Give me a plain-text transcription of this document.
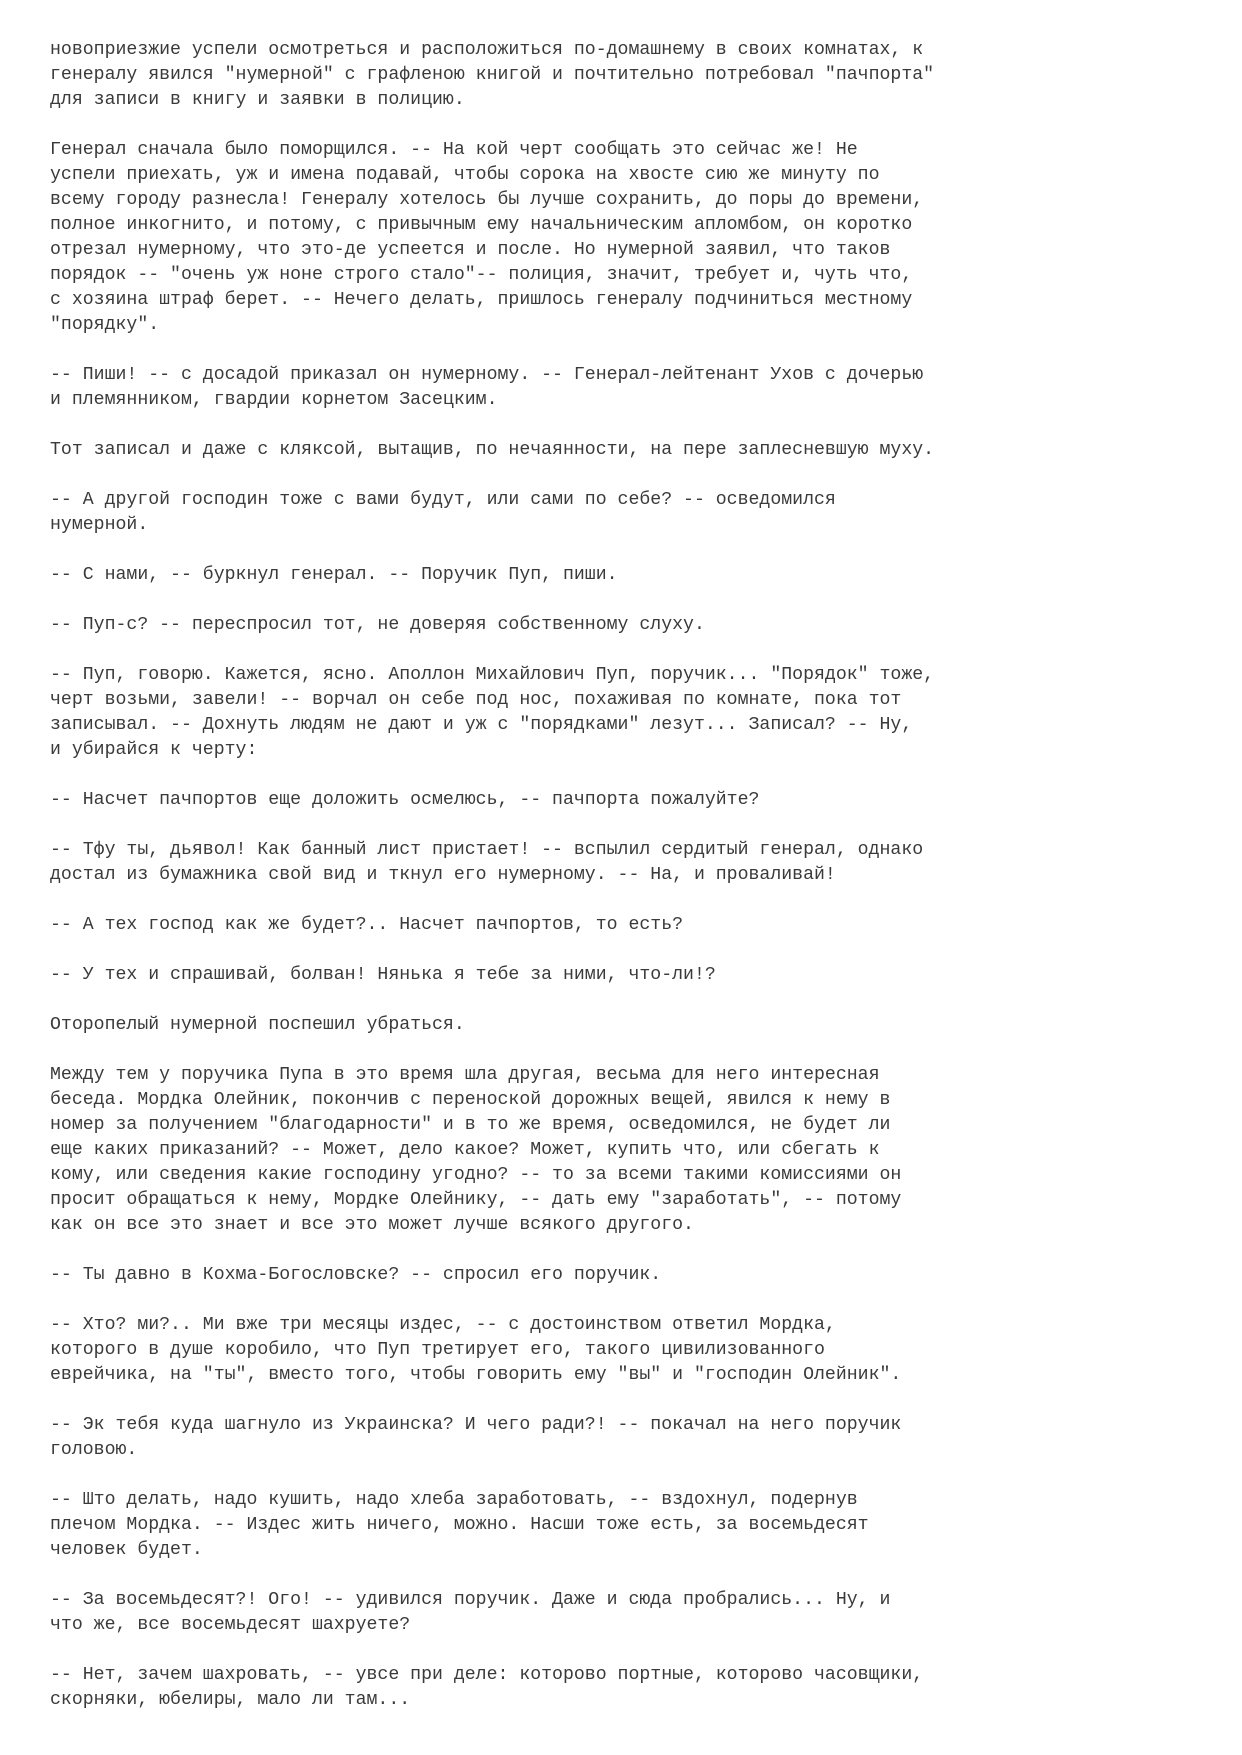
новоприезжие успели осмотреться и расположиться по-домашнему в своих комнатах, к
генералу явился "нумерной" с графленою книгой и почтительно потребовал "пачпорта"
для записи в книгу и заявки в полицию.

Генерал сначала было поморщился. -- На кой черт сообщать это сейчас же! Не
успели приехать, уж и имена подавай, чтобы сорока на хвосте сию же минуту по
всему городу разнесла! Генералу хотелось бы лучше сохранить, до поры до времени,
полное инкогнито, и потому, с привычным ему начальническим апломбом, он коротко
отрезал нумерному, что это-де успеется и после. Но нумерной заявил, что таков
порядок -- "очень уж ноне строго стало"-- полиция, значит, требует и, чуть что,
с хозяина штраф берет. -- Нечего делать, пришлось генералу подчиниться местному
"порядку".

-- Пиши! -- с досадой приказал он нумерному. -- Генерал-лейтенант Ухов с дочерью
и племянником, гвардии корнетом Засецким.

Тот записал и даже с кляксой, вытащив, по нечаянности, на пере заплесневшую муху.

-- А другой господин тоже с вами будут, или сами по себе? -- осведомился
нумерной.

-- С нами, -- буркнул генерал. -- Поручик Пуп, пиши.

-- Пуп-с? -- переспросил тот, не доверяя собственному слуху.

-- Пуп, говорю. Кажется, ясно. Аполлон Михайлович Пуп, поручик... "Порядок" тоже,
черт возьми, завели! -- ворчал он себе под нос, похаживая по комнате, пока тот
записывал. -- Дохнуть людям не дают и уж с "порядками" лезут... Записал? -- Ну,
и убирайся к черту:

-- Насчет пачпортов еще доложить осмелюсь, -- пачпорта пожалуйте?

-- Тфу ты, дьявол! Как банный лист пристает! -- вспылил сердитый генерал, однако
достал из бумажника свой вид и ткнул его нумерному. -- На, и проваливай!

-- А тех господ как же будет?.. Насчет пачпортов, то есть?

-- У тех и спрашивай, болван! Нянька я тебе за ними, что-ли!?

Оторопелый нумерной поспешил убраться.

Между тем у поручика Пупа в это время шла другая, весьма для него интересная
беседа. Мордка Олейник, покончив с переноской дорожных вещей, явился к нему в
номер за получением "благодарности" и в то же время, осведомился, не будет ли
еще каких приказаний? -- Может, дело какое? Может, купить что, или сбегать к
кому, или сведения какие господину угодно? -- то за всеми такими комиссиями он
просит обращаться к нему, Мордке Олейнику, -- дать ему "заработать", -- потому
как он все это знает и все это может лучше всякого другого.

-- Ты давно в Кохма-Богословске? -- спросил его поручик.

-- Хто? ми?.. Ми вже три месяцы издес, -- с достоинством ответил Мордка,
которого в душе коробило, что Пуп третирует его, такого цивилизованного
еврейчика, на "ты", вместо того, чтобы говорить ему "вы" и "господин Олейник".

-- Эк тебя куда шагнуло из Украинска? И чего ради?! -- покачал на него поручик
головою.

-- Што делать, надо кушить, надо хлеба заработовать, -- вздохнул, подернув
плечом Мордка. -- Издес жить ничего, можно. Насши тоже есть, за восемьдесят
человек будет.

-- За восемьдесят?! Ого! -- удивился поручик. Даже и сюда пробрались... Ну, и
что же, все восемьдесят шахруете?

-- Нет, зачем шахровать, -- увсе при деле: которово портные, которово часовщики,
скорняки, юбелиры, мало ли там...
